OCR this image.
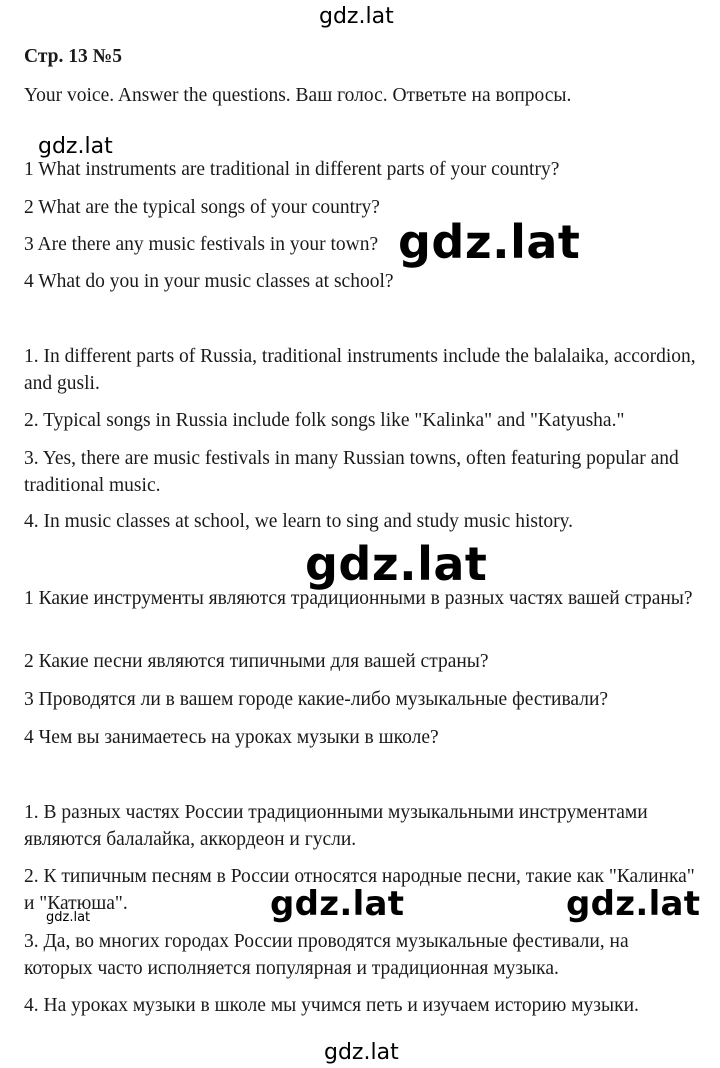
gdz.lat

Стр. 13 №5

Your voice. Answer the questions. Ваш голос. Ответьте на вопросы.

gdz.lat

1 What instruments are traditional in different parts of your country?

2 What are the typical songs of your country?

3 Are there any music festivals in your town?

4 What do you in your music classes at school?

gdz.lat

1. In different parts of Russia, traditional instruments include the balalaika, accordion, and gusli.

2. Typical songs in Russia include folk songs like "Kalinka" and "Katyusha."

3. Yes, there are music festivals in many Russian towns, often featuring popular and traditional music.

4. In music classes at school, we learn to sing and study music history.

gdz.lat

1 Какие инструменты являются традиционными в разных частях вашей страны?

2 Какие песни являются типичными для вашей страны?

3 Проводятся ли в вашем городе какие-либо музыкальные фестивали?

4 Чем вы занимаетесь на уроках музыки в школе?

1. В разных частях России традиционными музыкальными инструментами являются балалайка, аккордеон и гусли.

2. К типичным песням в России относятся народные песни, такие как "Калинка" и "Катюша".

3. Да, во многих городах России проводятся музыкальные фестивали, на которых часто исполняется популярная и традиционная музыка.

4. На уроках музыки в школе мы учимся петь и изучаем историю музыки.

gdz.lat	gdz.lat
gdz.lat
gdz.lat
